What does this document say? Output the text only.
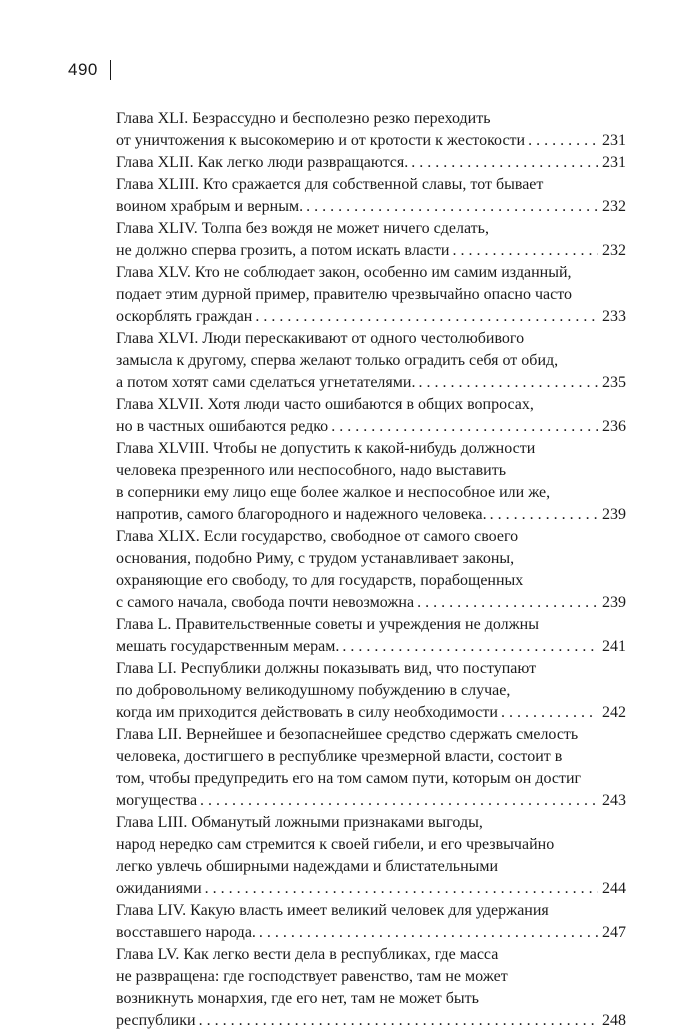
490
Глава XLI. Безрассудно и бесполезно резко переходить
от уничтожения к высокомерию и от кротости к жестокости . . .	231
Глава XLII. Как легко люди развращаются. . . .	231
Глава XLIII. Кто сражается для собственной славы, тот бывает
воином храбрым и верным. . . .	232
Глава XLIV. Толпа без вождя не может ничего сделать,
не должно сперва грозить, а потом искать власти . . .	232
Глава XLV. Кто не соблюдает закон, особенно им самим изданный,
подает этим дурной пример, правителю чрезвычайно опасно часто
оскорблять граждан . . .	233
Глава XLVI. Люди перескакивают от одного честолюбивого
замысла к другому, сперва желают только оградить себя от обид,
а потом хотят сами сделаться угнетателями. . . .	235
Глава XLVII. Хотя люди часто ошибаются в общих вопросах,
но в частных ошибаются редко . . .	236
Глава XLVIII. Чтобы не допустить к какой-нибудь должности
человека презренного или неспособного, надо выставить
в соперники ему лицо еще более жалкое и неспособное или же,
напротив, самого благородного и надежного человека. . . .	239
Глава XLIX. Если государство, свободное от самого своего
основания, подобно Риму, с трудом устанавливает законы,
охраняющие его свободу, то для государств, порабощенных
с самого начала, свобода почти невозможна . . .	239
Глава L. Правительственные советы и учреждения не должны
мешать государственным мерам. . . .	241
Глава LI. Республики должны показывать вид, что поступают
по добровольному великодушному побуждению в случае,
когда им приходится действовать в силу необходимости . . .	242
Глава LII. Вернейшее и безопаснейшее средство сдержать смелость
человека, достигшего в республике чрезмерной власти, состоит в
том, чтобы предупредить его на том самом пути, которым он достиг
могущества . . .	243
Глава LIII. Обманутый ложными признаками выгоды,
народ нередко сам стремится к своей гибели, и его чрезвычайно
легко увлечь обширными надеждами и блистательными
ожиданиями . . .	244
Глава LIV. Какую власть имеет великий человек для удержания
восставшего народа. . . .	247
Глава LV. Как легко вести дела в республиках, где масса
не развращена: где господствует равенство, там не может
возникнуть монархия, где его нет, там не может быть
республики . . .	248
